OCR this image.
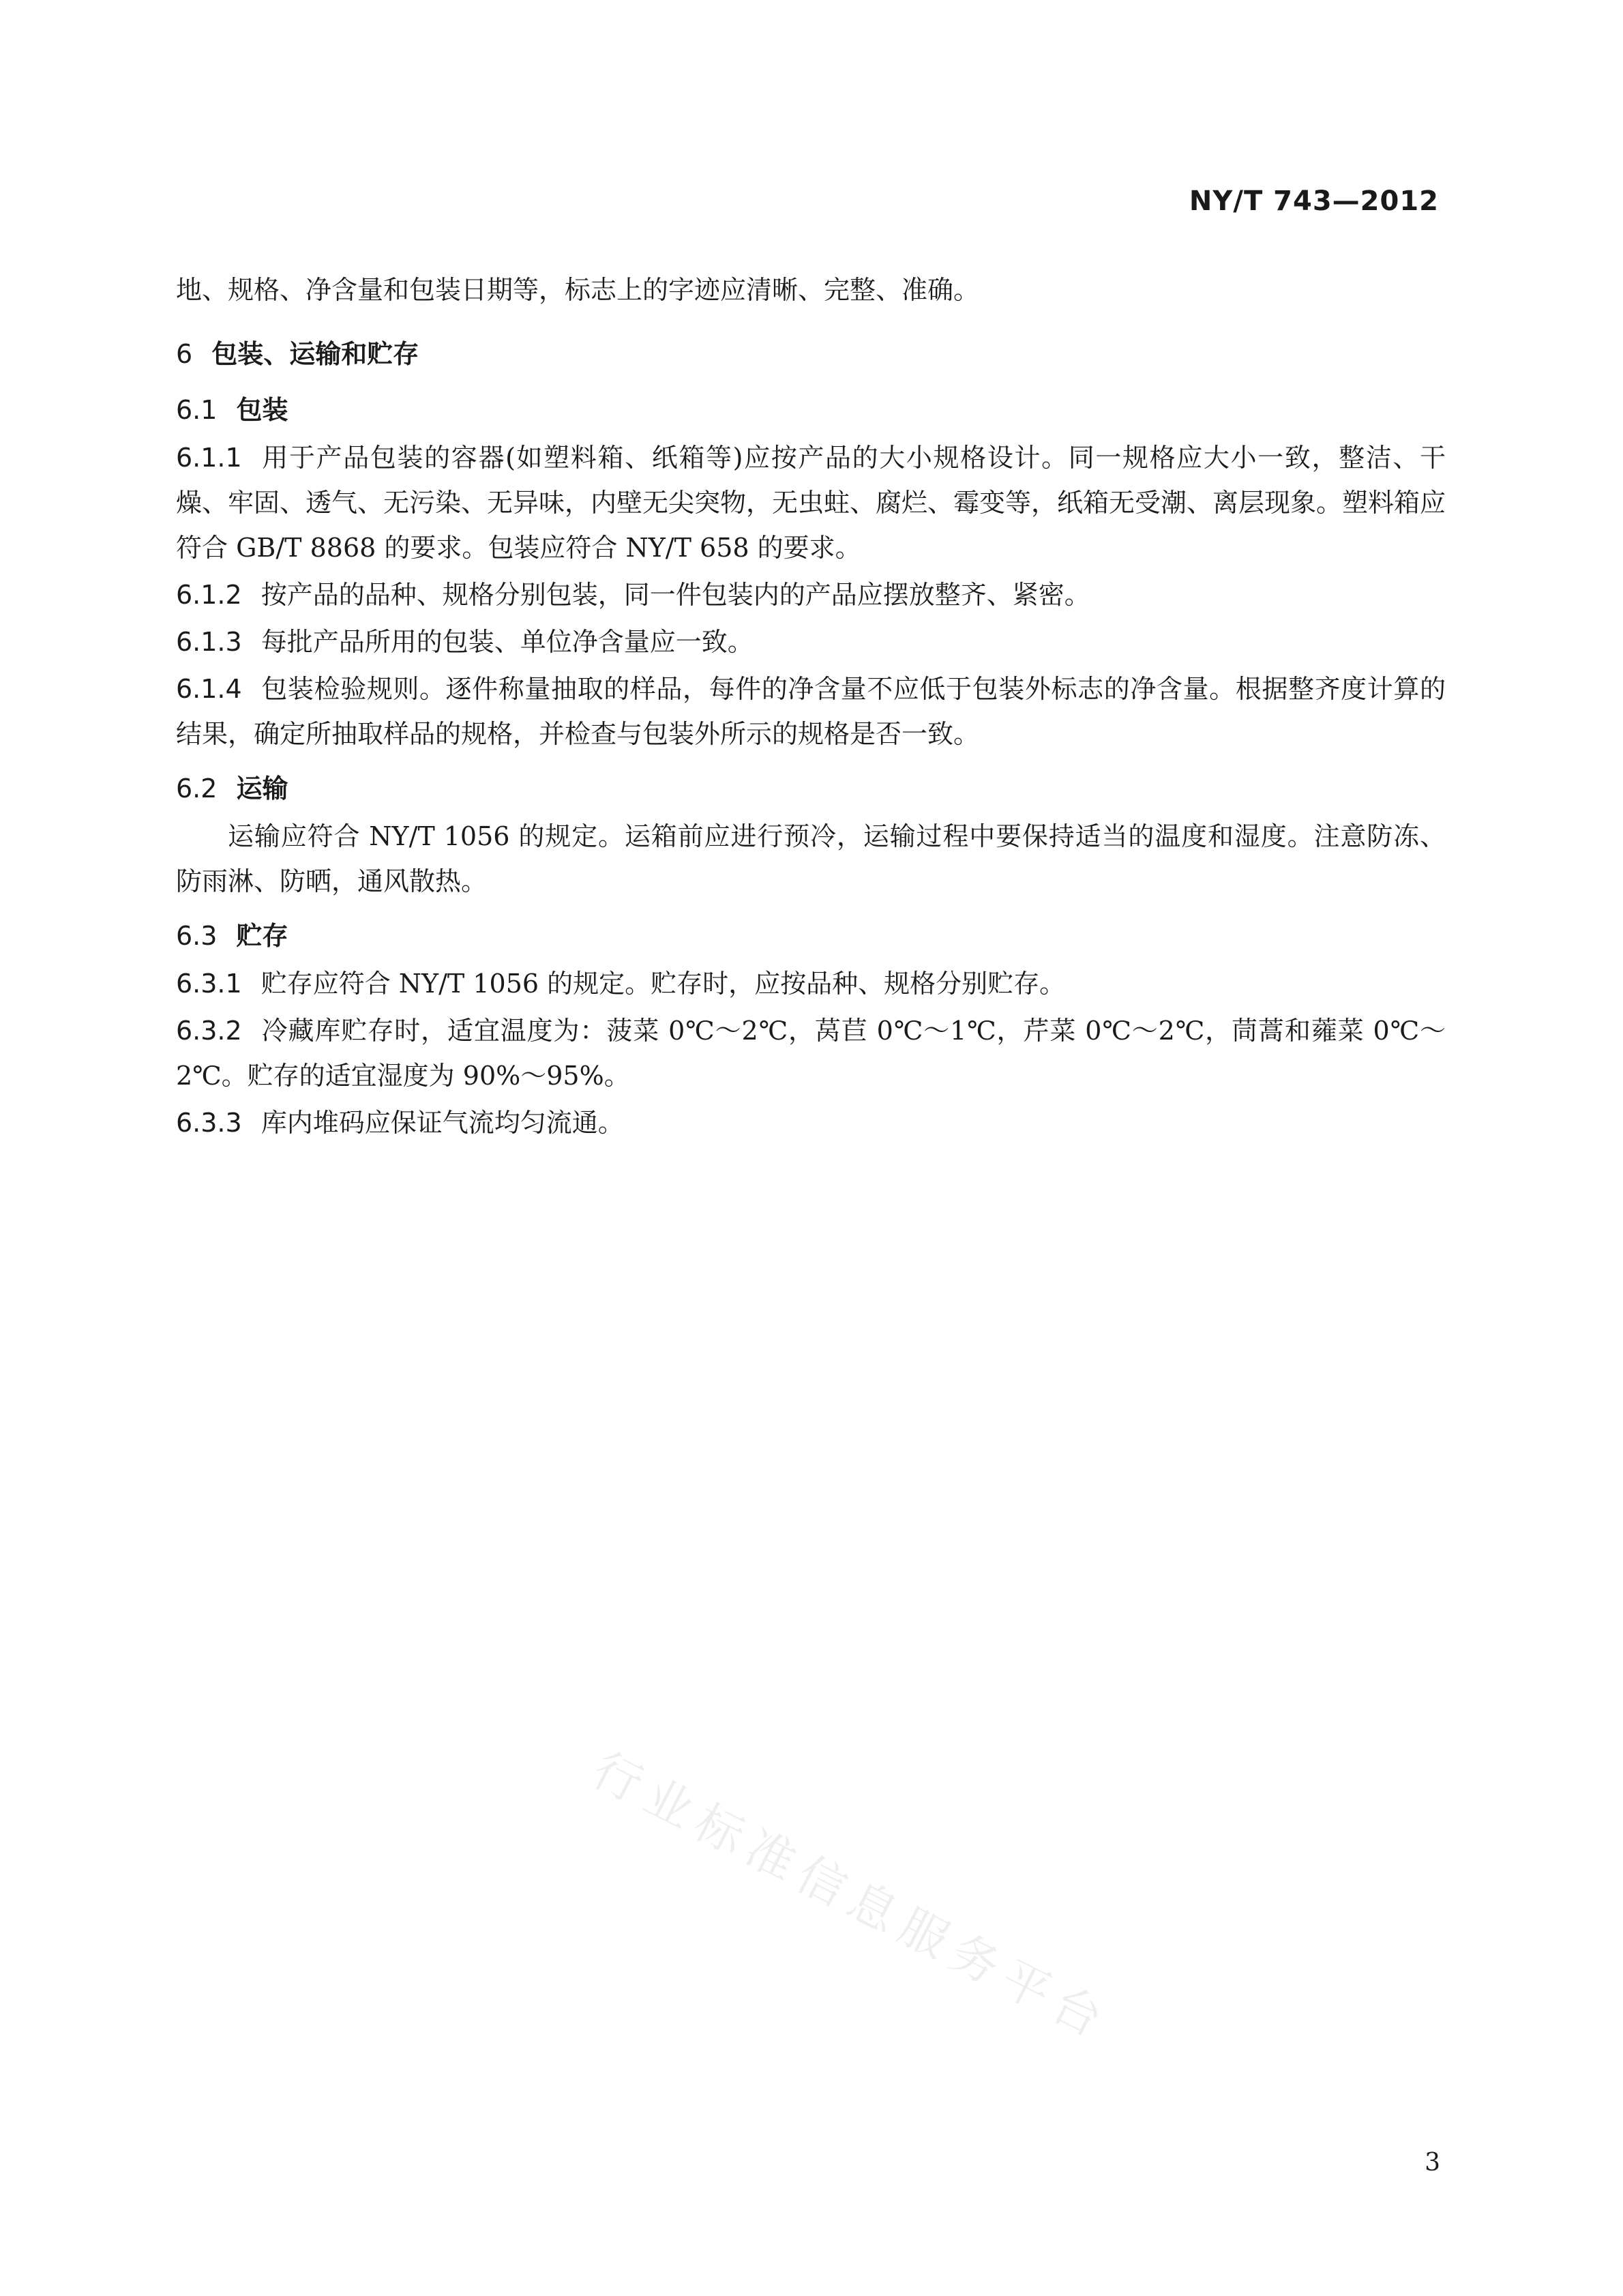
NY/T 743—2012

地、规格、净含量和包装日期等，标志上的字迹应清晰、完整、准确。

6 包装、运输和贮存

6.1 包装

6.1.1 用于产品包装的容器(如塑料箱、纸箱等)应按产品的大小规格设计。同一规格应大小一致，整洁、干燥、牢固、透气、无污染、无异味，内壁无尖突物，无虫蛀、腐烂、霉变等，纸箱无受潮、离层现象。塑料箱应符合 GB/T 8868 的要求。包装应符合 NY/T 658 的要求。

6.1.2 按产品的品种、规格分别包装，同一件包装内的产品应摆放整齐、紧密。

6.1.3 每批产品所用的包装、单位净含量应一致。

6.1.4 包装检验规则。逐件称量抽取的样品，每件的净含量不应低于包装外标志的净含量。根据整齐度计算的结果，确定所抽取样品的规格，并检查与包装外所示的规格是否一致。

6.2 运输

运输应符合 NY/T 1056 的规定。运箱前应进行预冷，运输过程中要保持适当的温度和湿度。注意防冻、防雨淋、防晒，通风散热。

6.3 贮存

6.3.1 贮存应符合 NY/T 1056 的规定。贮存时，应按品种、规格分别贮存。

6.3.2 冷藏库贮存时，适宜温度为：菠菜 0℃～2℃，莴苣 0℃～1℃，芹菜 0℃～2℃，茼蒿和蕹菜 0℃～2℃。贮存的适宜湿度为 90%～95%。

6.3.3 库内堆码应保证气流均匀流通。

行业标准信息服务平台
3
